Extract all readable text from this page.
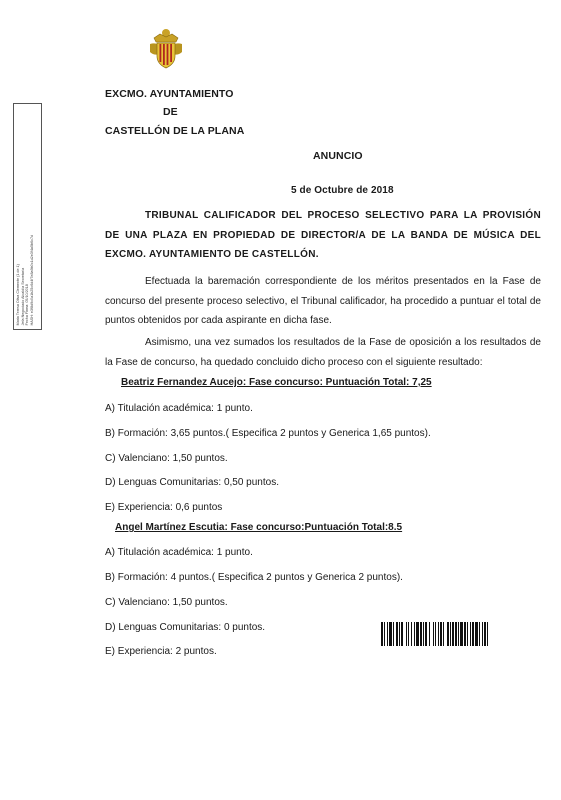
EXCMO. AYUNTAMIENTO
DE
CASTELLÓN DE LA PLANA
ANUNCIO
5 de Octubre de 2018
TRIBUNAL CALIFICADOR DEL PROCESO SELECTIVO PARA LA PROVISIÓN DE UNA PLAZA EN PROPIEDAD DE DIRECTOR/A DE LA BANDA DE MÚSICA DEL EXCMO. AYUNTAMIENTO DE CASTELLÓN.
Efectuada la baremación correspondiente de los méritos presentados en la Fase de concurso del presente proceso selectivo, el Tribunal calificador, ha procedido a puntuar el total de puntos obtenidos por cada aspirante en dicha fase.
Asimismo, una vez sumados los resultados de la Fase de oposición a los resultados de la Fase de concurso, ha quedado concluido dicho proceso con el siguiente resultado:
Beatriz Fernandez Aucejo: Fase concurso: Puntuación Total: 7,25
A) Titulación académica: 1 punto.
B) Formación: 3,65 puntos.( Especifica 2 puntos y Generica 1,65 puntos).
C) Valenciano: 1,50 puntos.
D) Lenguas Comunitarias: 0,50 puntos.
E) Experiencia: 0,6 puntos
Angel Martínez Escutia: Fase concurso:Puntuación Total:8.5
A) Titulación académica: 1 punto.
B) Formación: 4 puntos.( Especifica 2 puntos y Generica 2 puntos).
C) Valenciano: 1,50 puntos.
D) Lenguas Comunitarias: 0 puntos.
E) Experiencia: 2 puntos.
Maria Teresa Oliva Clemente (1 de 1) Jefa Negociado Alcaldía Secretaría Fecha Firma: 05/10/2018 HASH: e3f8d9c0a1b25c6d4f7e8a9b0c1d2e3f4a5b6c7d
